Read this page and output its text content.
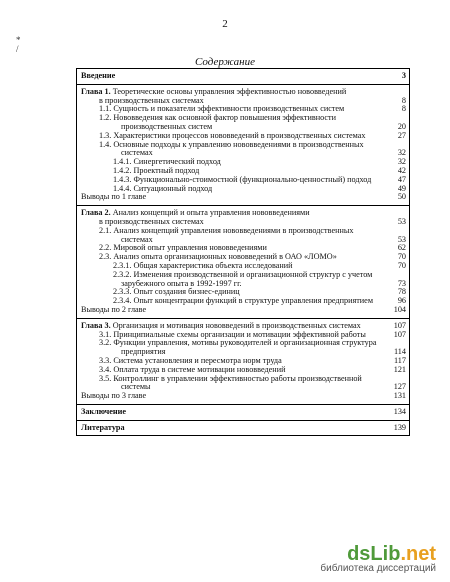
2
*
/
Содержание
Введение	3
Глава 1. Теоретические основы управления эффективностью нововведений
в производственных системах	8
1.1. Сущность и показатели эффективности производственных систем	8
1.2. Нововведения как основной фактор повышения эффективности
производственных систем	20
1.3. Характеристики процессов нововведений в производственных системах	27
1.4. Основные подходы к управлению нововведениями в производственных
системах	32
1.4.1. Синергетический подход	32
1.4.2. Проектный подход	42
1.4.3. Функционально-стоимостной (функционально-ценностный) подход	47
1.4.4. Ситуационный подход	49
Выводы по 1 главе	50
Глава 2. Анализ концепций и опыта управления нововведениями
в производственных системах	53
2.1. Анализ концепций управления нововведениями в производственных
системах	53
2.2. Мировой опыт управления нововведениями	62
2.3. Анализ опыта организационных нововведений в ОАО «ЛОМО»	70
2.3.1. Общая характеристика объекта исследований	70
2.3.2. Изменения производственной и организационной структур с учетом
зарубежного опыта в 1992-1997 гг.	73
2.3.3. Опыт создания бизнес-единиц	78
2.3.4. Опыт концентрации функций в структуре управления предприятием	96
Выводы по 2 главе	104
Глава 3. Организация и мотивация нововведений в производственных системах	107
3.1. Принципиальные схемы организации и мотивации эффективной работы	107
3.2. Функции управления, мотивы руководителей и организационная структура
предприятия	114
3.3. Система установления и пересмотра норм труда	117
3.4. Оплата труда в системе мотивации нововведений	121
3.5. Контроллинг в управлении эффективностью работы производственной
системы	127
Выводы по 3 главе	131
Заключение	134
Литература	139
dsLib.net
библиотека диссертаций
